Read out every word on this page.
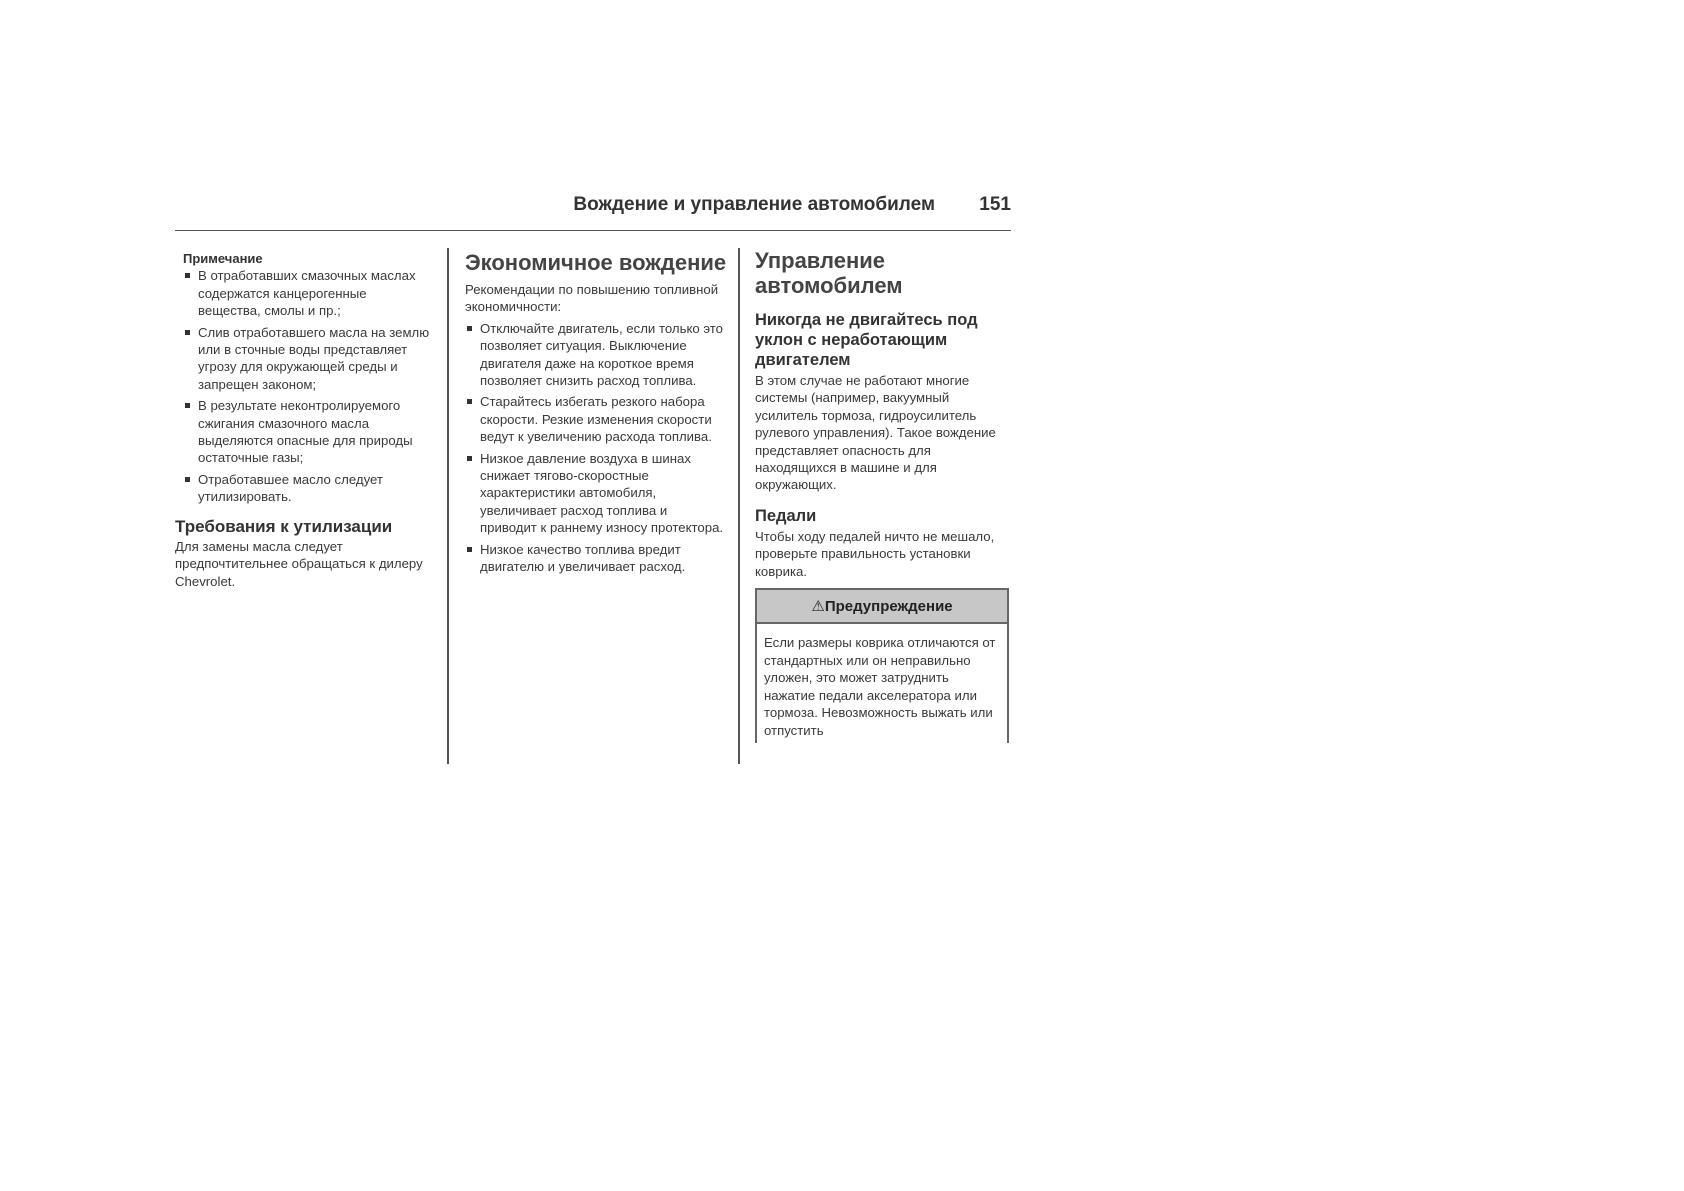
Вождение и управление автомобилем 151
Примечание
В отработавших смазочных маслах содержатся канцерогенные вещества, смолы и пр.;
Слив отработавшего масла на землю или в сточные воды представляет угрозу для окружающей среды и запрещен законом;
В результате неконтролируемого сжигания смазочного масла выделяются опасные для природы остаточные газы;
Отработавшее масло следует утилизировать.
Требования к утилизации

Для замены масла следует предпочтительнее обращаться к дилеру Chevrolet.

Экономичное вождение

Рекомендации по повышению топливной экономичности:

Отключайте двигатель, если только это позволяет ситуация. Выключение двигателя даже на короткое время позволяет снизить расход топлива.
Старайтесь избегать резкого набора скорости. Резкие изменения скорости ведут к увеличению расхода топлива.
Низкое давление воздуха в шинах снижает тягово-скоростные характеристики автомобиля, увеличивает расход топлива и приводит к раннему износу протектора.
Низкое качество топлива вредит двигателю и увеличивает расход.
Управление автомобилем
Никогда не двигайтесь под уклон с неработающим двигателем

В этом случае не работают многие системы (например, вакуумный усилитель тормоза, гидроусилитель рулевого управления). Такое вождение представляет опасность для находящихся в машине и для окружающих.

Педали

Чтобы ходу педалей ничто не мешало, проверьте правильность установки коврика.

⚠Предупреждение
Если размеры коврика отличаются от стандартных или он неправильно уложен, это может затруднить нажатие педали акселератора или тормоза. Невозможность выжать или отпустить
